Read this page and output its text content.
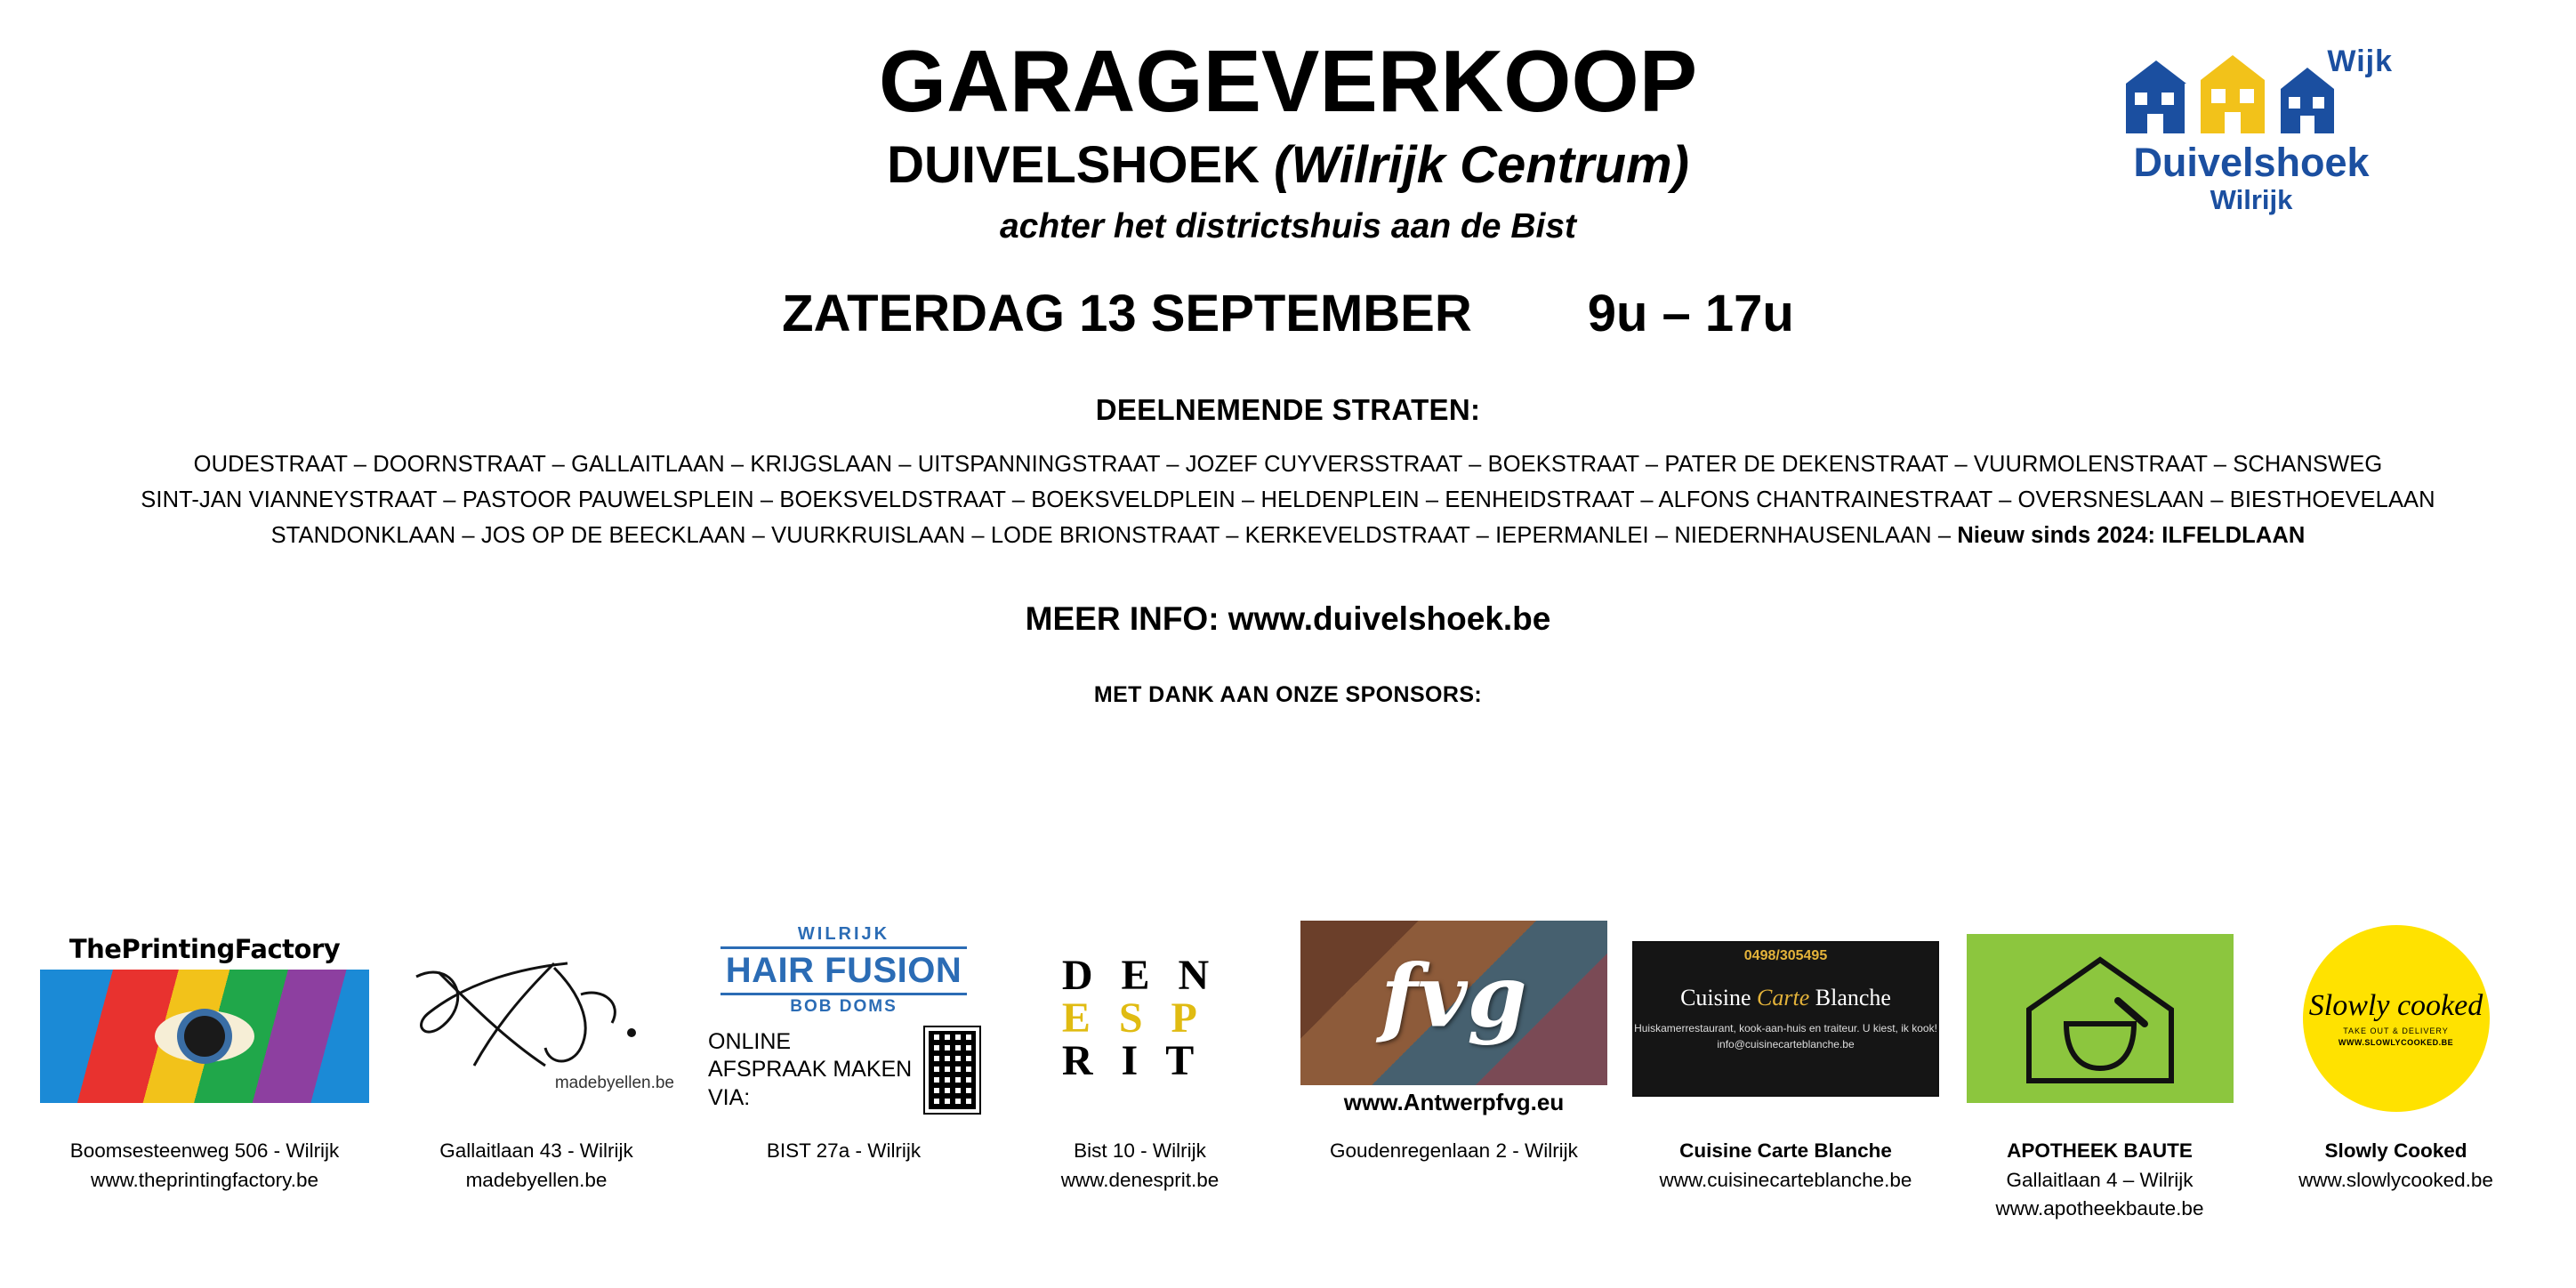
Wijk
Duivelshoek
Wilrijk
GARAGEVERKOOP
DUIVELSHOEK (Wilrijk Centrum)
achter het districtshuis aan de Bist
ZATERDAG 13 SEPTEMBER 9u – 17u
DEELNEMENDE STRATEN:
OUDESTRAAT – DOORNSTRAAT – GALLAITLAAN – KRIJGSLAAN – UITSPANNINGSTRAAT – JOZEF CUYVERSSTRAAT – BOEKSTRAAT – PATER DE DEKENSTRAAT – VUURMOLENSTRAAT – SCHANSWEG
SINT-JAN VIANNEYSTRAAT – PASTOOR PAUWELSPLEIN – BOEKSVELDSTRAAT – BOEKSVELDPLEIN – HELDENPLEIN – EENHEIDSTRAAT – ALFONS CHANTRAINESTRAAT – OVERSNESLAAN – BIESTHOEVELAAN
STANDONKLAAN – JOS OP DE BEECKLAAN – VUURKRUISLAAN – LODE BRIONSTRAAT – KERKEVELDSTRAAT – IEPERMANLEI – NIEDERNHAUSENLAAN – Nieuw sinds 2024: ILFELDLAAN
MEER INFO: www.duivelshoek.be
MET DANK AAN ONZE SPONSORS:
ThePrintingFactory
Boomsesteenweg 506 - Wilrijk
www.theprintingfactory.be
madebyellen.be
Gallaitlaan 43 - Wilrijk
madebyellen.be
WILRIJK
HAIR FUSION
BOB DOMS
ONLINE AFSPRAAK MAKEN VIA:
BIST 27a - Wilrijk
D E N
E S P
R I T
Bist 10 - Wilrijk
www.denesprit.be
fvg
www.Antwerpfvg.eu
Goudenregenlaan 2 - Wilrijk
0498/305495
Cuisine Carte Blanche
Huiskamerrestaurant, kook-aan-huis en traiteur. U kiest, ik kook!
info@cuisinecarteblanche.be
Cuisine Carte Blanche
www.cuisinecarteblanche.be
APOTHEEK BAUTE
Gallaitlaan 4 – Wilrijk
www.apotheekbaute.be
Slowly cooked
TAKE OUT & DELIVERY
WWW.SLOWLYCOOKED.BE
Slowly Cooked
www.slowlycooked.be
